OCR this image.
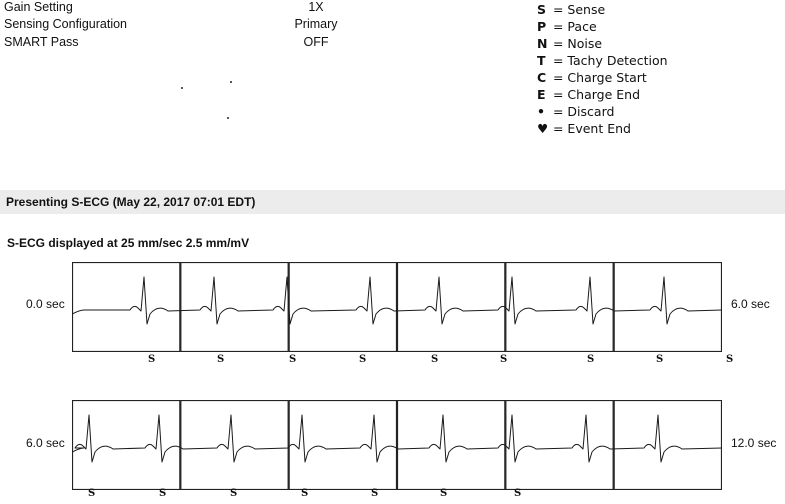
Gain Setting	1X
Sensing Configuration	Primary
SMART Pass	OFF
S = Sense
P = Pace
N = Noise
T = Tachy Detection
C = Charge Start
E = Charge End
• = Discard
♥ = Event End
Presenting S-ECG (May 22, 2017 07:01 EDT)
S-ECG displayed at 25 mm/sec 2.5 mm/mV
0.0 sec	6.0 sec
S	S	S	S	S	S	S	S	S
6.0 sec	12.0 sec
S	S	S	S	S	S	S
